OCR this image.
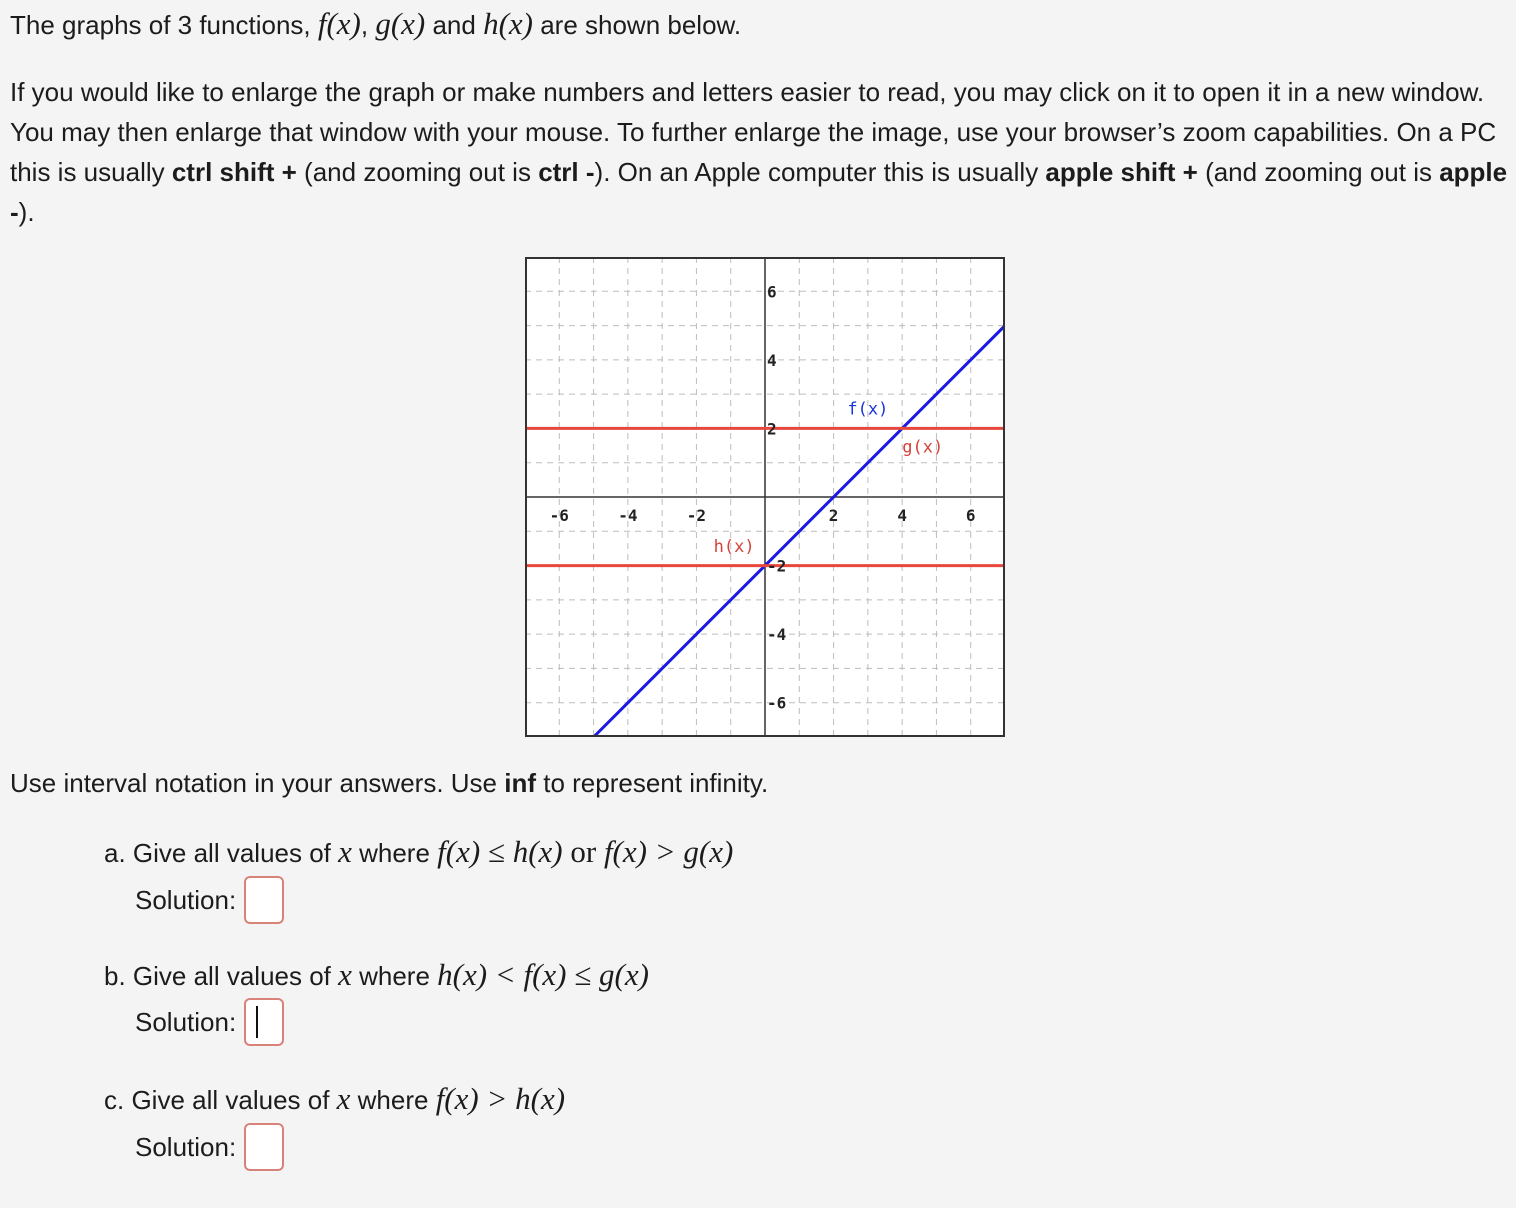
The graphs of 3 functions, f(x), g(x) and h(x) are shown below.

If you would like to enlarge the graph or make numbers and letters easier to read, you may click on it to open it in a new window. You may then enlarge that window with your mouse. To further enlarge the image, use your browser’s zoom capabilities. On a PC this is usually ctrl shift + (and zooming out is ctrl -). On an Apple computer this is usually apple shift + (and zooming out is apple -).

-6	-4	-2	2	4	6
6
4
2
-2
-4
-6
f(x)
g(x)
h(x)

Use interval notation in your answers. Use inf to represent infinity.

a. Give all values of x where f(x) ≤ h(x) or f(x) > g(x)

Solution:

b. Give all values of x where h(x) < f(x) ≤ g(x)

Solution:

c. Give all values of x where f(x) > h(x)

Solution:
